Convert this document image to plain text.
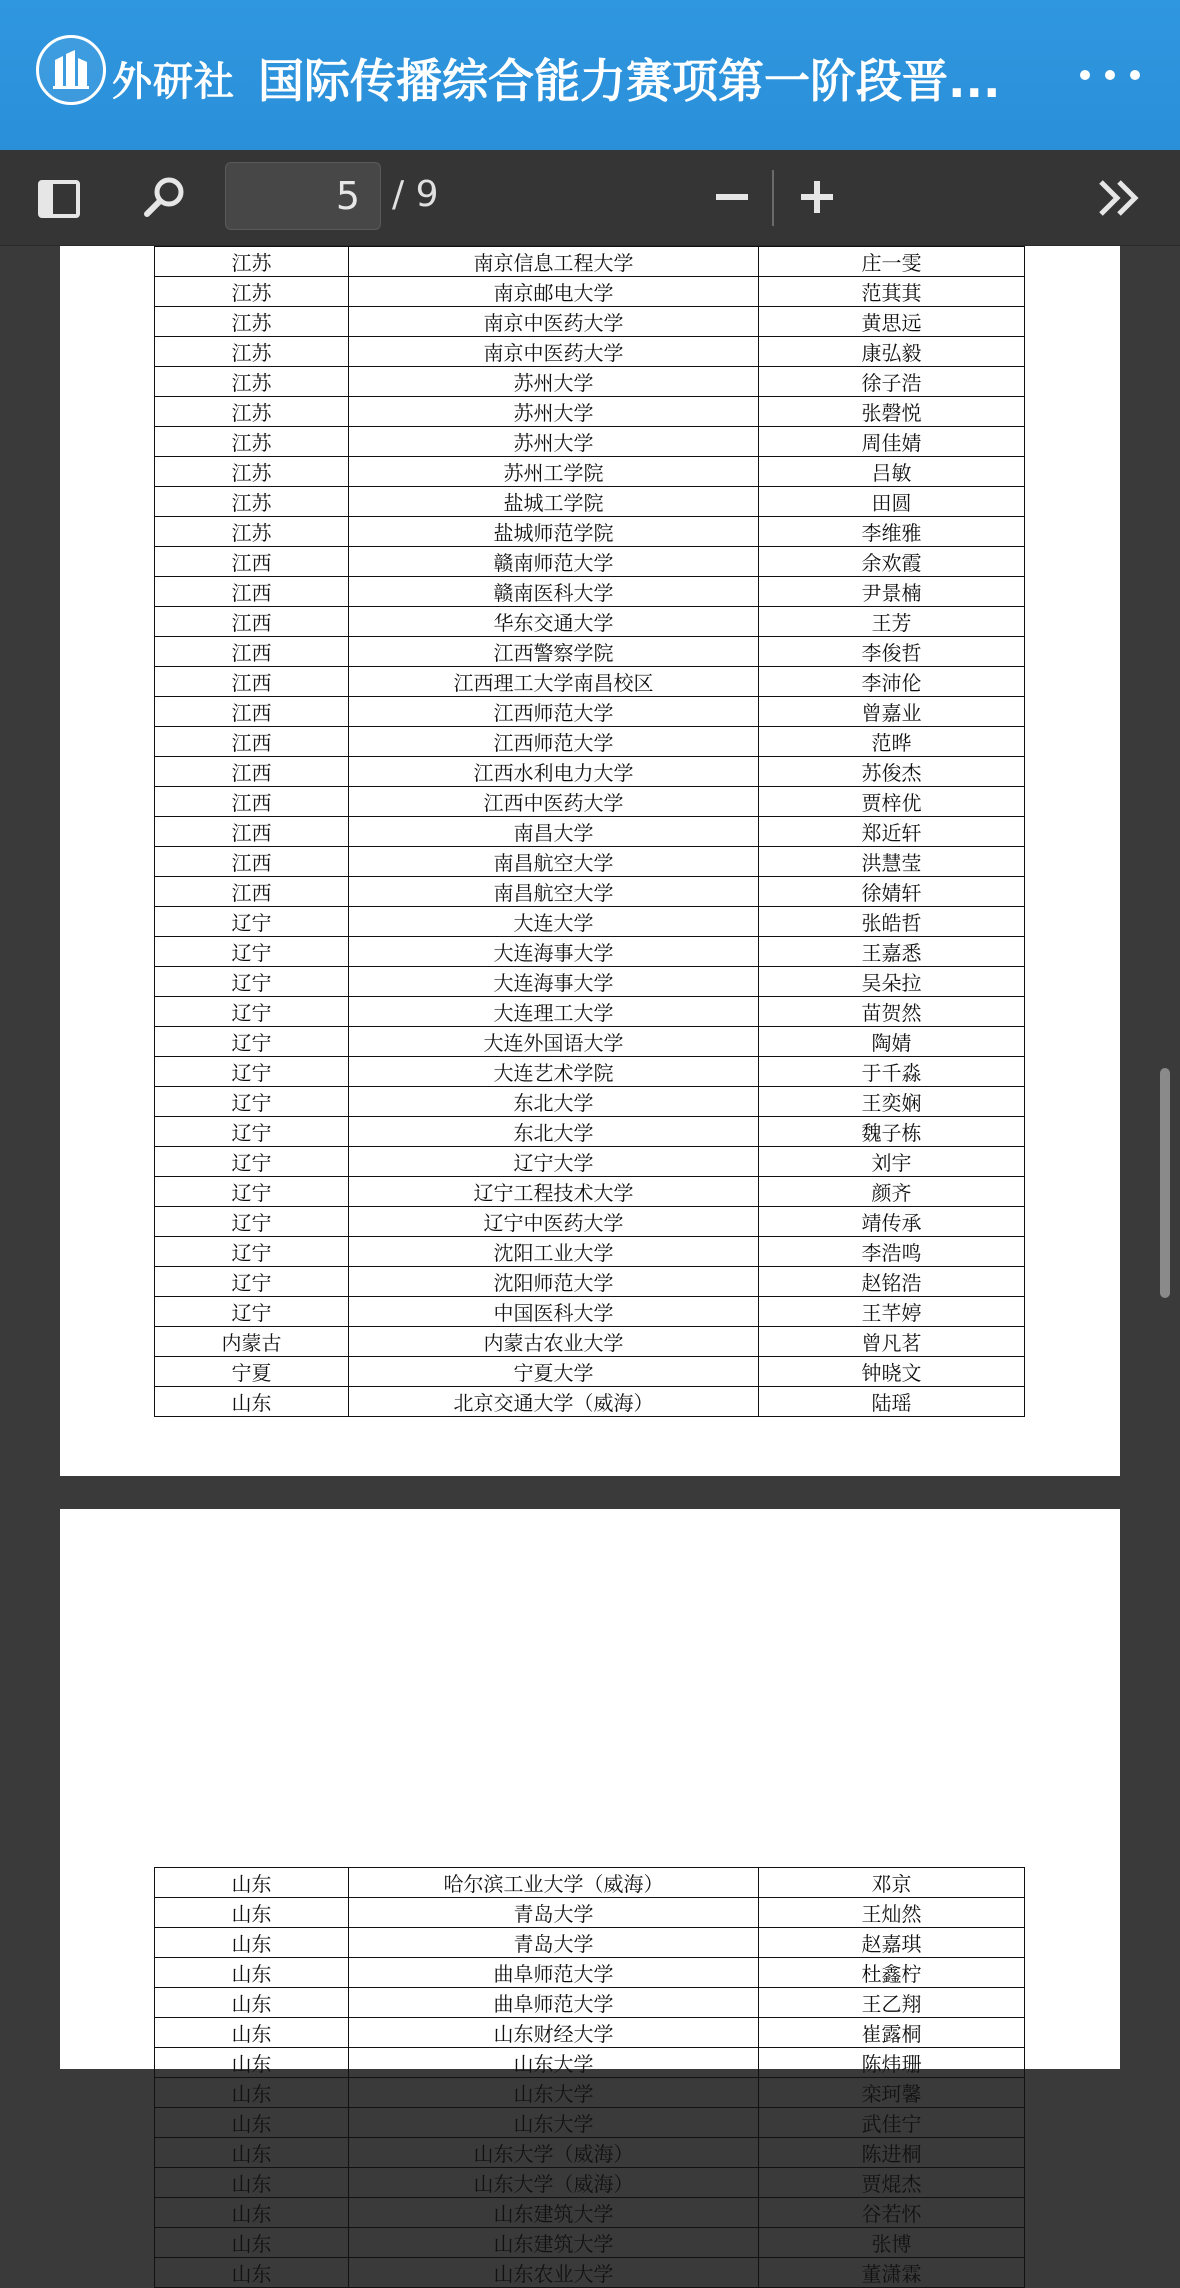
外研社 国际传播综合能力赛项第一阶段晋...
5
/ 9
江苏	南京信息工程大学	庄一雯
江苏	南京邮电大学	范萁萁
江苏	南京中医药大学	黄思远
江苏	南京中医药大学	康弘毅
江苏	苏州大学	徐子浩
江苏	苏州大学	张磬悦
江苏	苏州大学	周佳婧
江苏	苏州工学院	吕敏
江苏	盐城工学院	田圆
江苏	盐城师范学院	李维雅
江西	赣南师范大学	余欢霞
江西	赣南医科大学	尹景楠
江西	华东交通大学	王芳
江西	江西警察学院	李俊哲
江西	江西理工大学南昌校区	李沛伦
江西	江西师范大学	曾嘉业
江西	江西师范大学	范晔
江西	江西水利电力大学	苏俊杰
江西	江西中医药大学	贾梓优
江西	南昌大学	郑近轩
江西	南昌航空大学	洪慧莹
江西	南昌航空大学	徐婧轩
辽宁	大连大学	张皓哲
辽宁	大连海事大学	王嘉悉
辽宁	大连海事大学	吴朵拉
辽宁	大连理工大学	苗贺然
辽宁	大连外国语大学	陶婧
辽宁	大连艺术学院	于千淼
辽宁	东北大学	王奕娴
辽宁	东北大学	魏子栋
辽宁	辽宁大学	刘宇
辽宁	辽宁工程技术大学	颜齐
辽宁	辽宁中医药大学	靖传承
辽宁	沈阳工业大学	李浩鸣
辽宁	沈阳师范大学	赵铭浩
辽宁	中国医科大学	王芊婷
内蒙古	内蒙古农业大学	曾凡茗
宁夏	宁夏大学	钟晓文
山东	北京交通大学（威海）	陆瑶
山东	哈尔滨工业大学（威海）	邓京
山东	青岛大学	王灿然
山东	青岛大学	赵嘉琪
山东	曲阜师范大学	杜鑫柠
山东	曲阜师范大学	王乙翔
山东	山东财经大学	崔露桐
山东	山东大学	陈炜珊
山东	山东大学	栾珂馨
山东	山东大学	武佳宁
山东	山东大学（威海）	陈进桐
山东	山东大学（威海）	贾焜杰
山东	山东建筑大学	谷若怀
山东	山东建筑大学	张博
山东	山东农业大学	董潇霖
